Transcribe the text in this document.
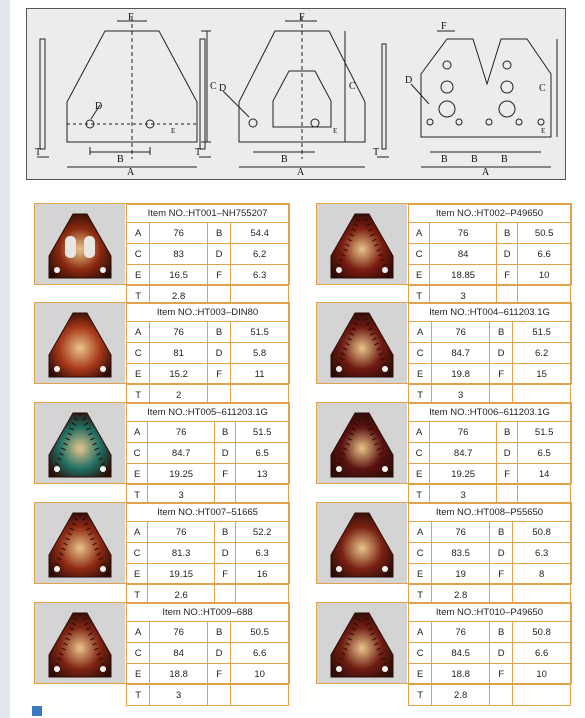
F
C
D
B
A
T
E
F
C
D
B
A
T
E
F
C
D
B B B
A
T
E
Item NO.:HT001–NH755207			
A	76	B	54.4
C	83	D	6.2
E	16.5	F	6.3
T	2.8		
Item NO.:HT002–P49650			
A	76	B	50.5
C	84	D	6.6
E	18.85	F	10
T	3		
Item NO.:HT003–DIN80			
A	76	B	51.5
C	81	D	5.8
E	15.2	F	11
T	2		
Item NO.:HT004–611203.1G			
A	76	B	51.5
C	84.7	D	6.2
E	19.8	F	15
T	3		
Item NO.:HT005–611203.1G			
A	76	B	51.5
C	84.7	D	6.5
E	19.25	F	13
T	3		
Item NO.:HT006–611203.1G			
A	76	B	51.5
C	84.7	D	6.5
E	19.25	F	14
T	3		
Item NO.:HT007–51665			
A	76	B	52.2
C	81.3	D	6.3
E	19.15	F	16
T	2.6		
Item NO.:HT008–P55650			
A	76	B	50.8
C	83.5	D	6.3
E	19	F	8
T	2.8		
Item NO.:HT009–688			
A	76	B	50.5
C	84	D	6.6
E	18.8	F	10
T	3		
Item NO.:HT010–P49650			
A	76	B	50.8
C	84.5	D	6.6
E	18.8	F	10
T	2.8		
